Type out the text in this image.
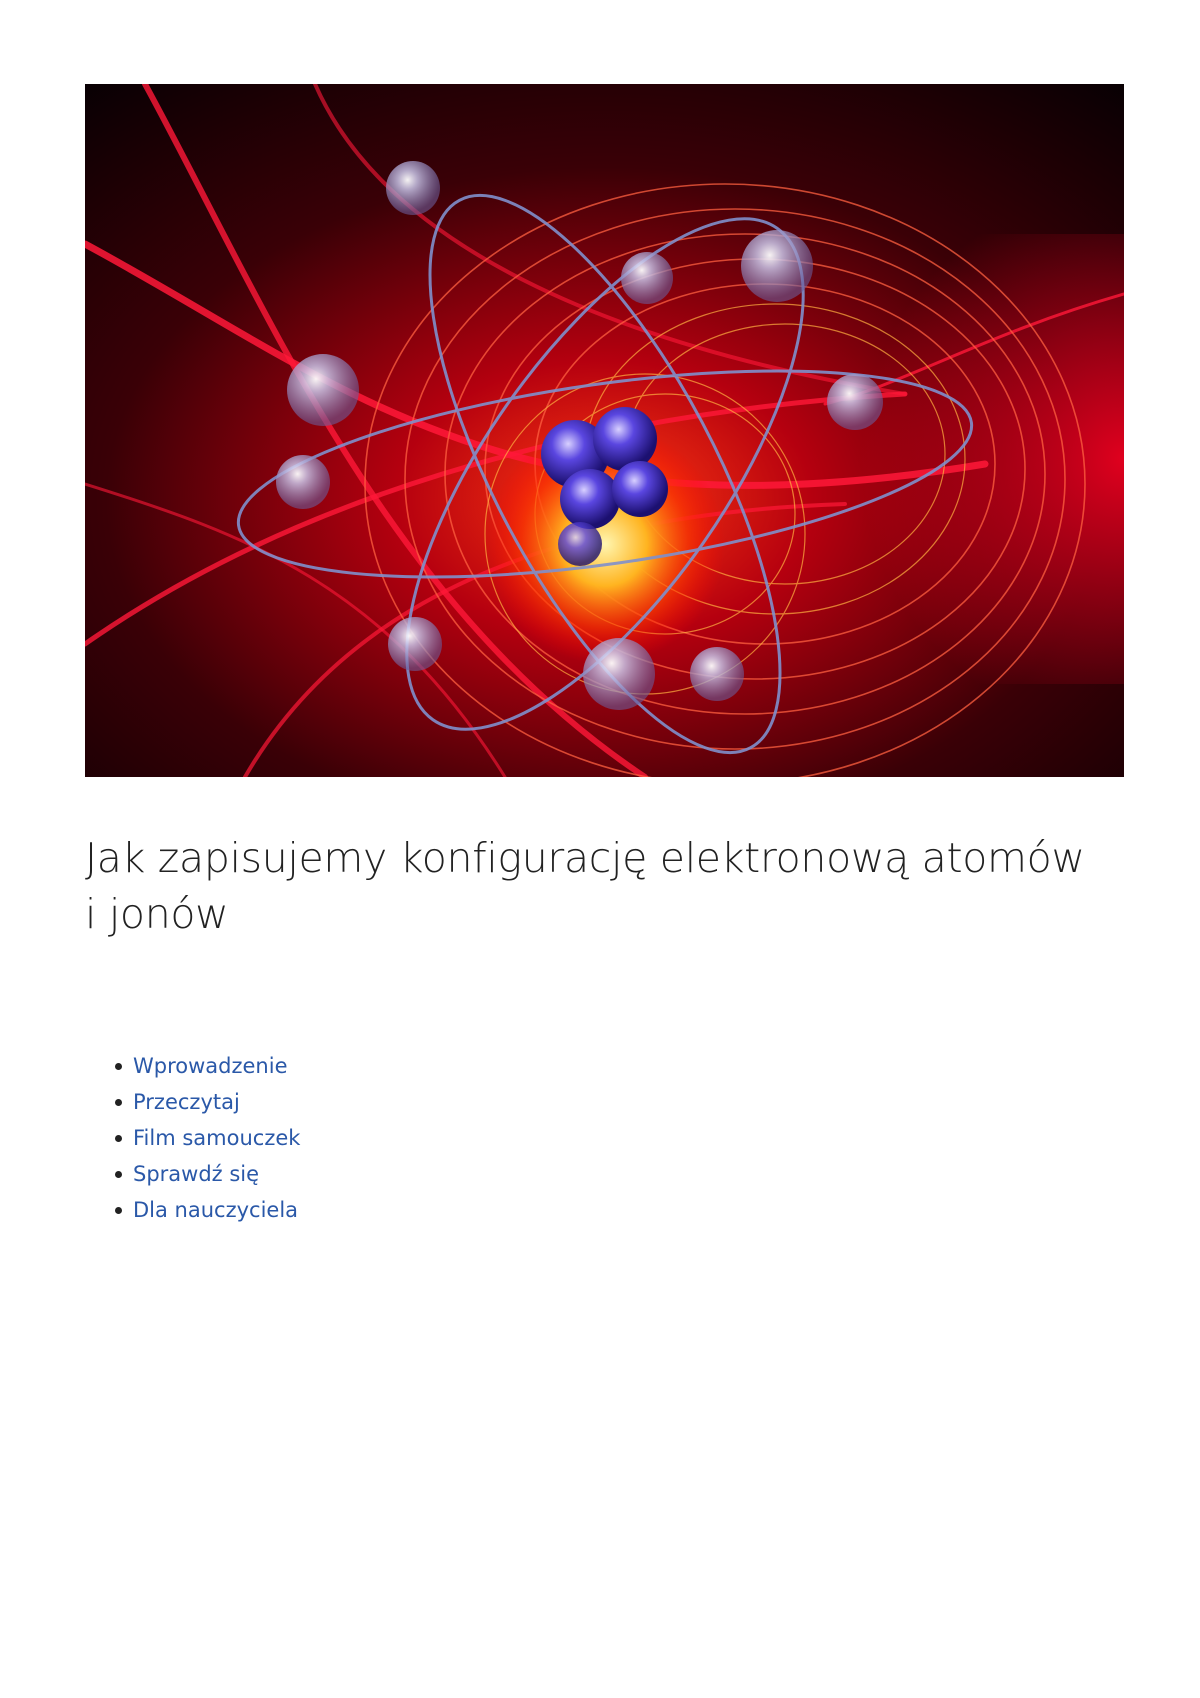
Jak zapisujemy konfigurację elektronową atomów i jonów
Wprowadzenie
Przeczytaj
Film samouczek
Sprawdź się
Dla nauczyciela
